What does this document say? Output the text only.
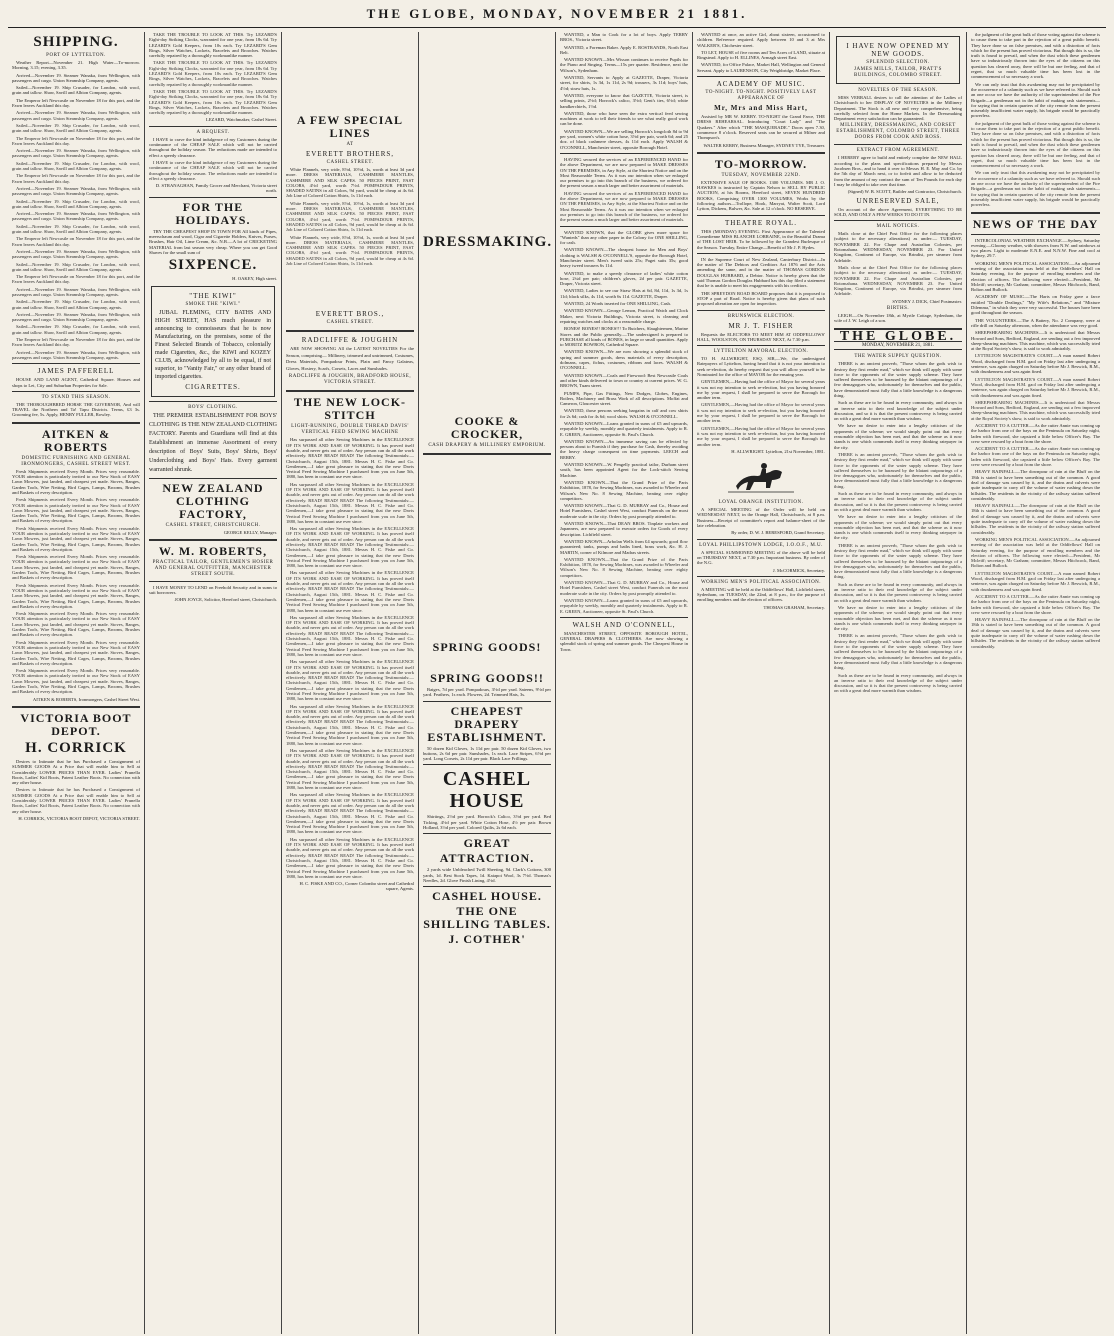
THE GLOBE, MONDAY, NOVEMBER 21 1881.
SHIPPING.
PORT OF LYTTELTON.

Weather Report—November 21. High Water—To-morrow. Morning, 3.15; evening, 3.35.

Arrived—November 19. Steamer Wanaka, from Wellington, with passengers and cargo. Union Steamship Company, agents.

Sailed—November 19. Ship Crusader, for London, with wool, grain and tallow. Shaw, Savill and Albion Company, agents.

The Emperor left Newcastle on November 18 for this port, and the Fawn leaves Auckland this day.

Arrived—November 19. Steamer Wanaka, from Wellington, with passengers and cargo. Union Steamship Company, agents.

Sailed—November 19. Ship Crusader, for London, with wool, grain and tallow. Shaw, Savill and Albion Company, agents.

The Emperor left Newcastle on November 18 for this port, and the Fawn leaves Auckland this day.

Arrived—November 19. Steamer Wanaka, from Wellington, with passengers and cargo. Union Steamship Company, agents.

Sailed—November 19. Ship Crusader, for London, with wool, grain and tallow. Shaw, Savill and Albion Company, agents.

The Emperor left Newcastle on November 18 for this port, and the Fawn leaves Auckland this day.

Arrived—November 19. Steamer Wanaka, from Wellington, with passengers and cargo. Union Steamship Company, agents.

Sailed—November 19. Ship Crusader, for London, with wool, grain and tallow. Shaw, Savill and Albion Company, agents.

Arrived—November 19. Steamer Wanaka, from Wellington, with passengers and cargo. Union Steamship Company, agents.

Sailed—November 19. Ship Crusader, for London, with wool, grain and tallow. Shaw, Savill and Albion Company, agents.

The Emperor left Newcastle on November 18 for this port, and the Fawn leaves Auckland this day.

Arrived—November 19. Steamer Wanaka, from Wellington, with passengers and cargo. Union Steamship Company, agents.

Sailed—November 19. Ship Crusader, for London, with wool, grain and tallow. Shaw, Savill and Albion Company, agents.

The Emperor left Newcastle on November 18 for this port, and the Fawn leaves Auckland this day.

Arrived—November 19. Steamer Wanaka, from Wellington, with passengers and cargo. Union Steamship Company, agents.

Sailed—November 19. Ship Crusader, for London, with wool, grain and tallow. Shaw, Savill and Albion Company, agents.

Arrived—November 19. Steamer Wanaka, from Wellington, with passengers and cargo. Union Steamship Company, agents.

Sailed—November 19. Ship Crusader, for London, with wool, grain and tallow. Shaw, Savill and Albion Company, agents.

The Emperor left Newcastle on November 18 for this port, and the Fawn leaves Auckland this day.

Arrived—November 19. Steamer Wanaka, from Wellington, with passengers and cargo. Union Steamship Company, agents.

JAMES PAFFERELL

HOUSE AND LAND AGENT, Cathedral Square. Houses and shops to Let, City and Suburban Properties for Sale.

TO STAND THIS SEASON.

THE THOROUGHBRED HORSE THE GOVERNOR, And will TRAVEL the Northern and Ta! Tapu Districts. Terms, £3 3s. Grooming fee, 5s. Apply, HENRY FULLER, Rowley.

AITKEN & ROBERTS
DOMESTIC FURNISHING AND GENERAL IRONMONGERS, CASHEL STREET WEST.

Fresh Shipments received Every Month. Prices very reasonable. YOUR attention is particularly invited to our New Stock of EASY Lawn Mowers, just landed, and cheapest yet made. Stoves, Ranges, Garden Tools, Wire Netting, Bird Cages, Lamps, Brooms, Brushes and Baskets of every description.

Fresh Shipments received Every Month. Prices very reasonable. YOUR attention is particularly invited to our New Stock of EASY Lawn Mowers, just landed, and cheapest yet made. Stoves, Ranges, Garden Tools, Wire Netting, Bird Cages, Lamps, Brooms, Brushes and Baskets of every description.

Fresh Shipments received Every Month. Prices very reasonable. YOUR attention is particularly invited to our New Stock of EASY Lawn Mowers, just landed, and cheapest yet made. Stoves, Ranges, Garden Tools, Wire Netting, Bird Cages, Lamps, Brooms, Brushes and Baskets of every description.

Fresh Shipments received Every Month. Prices very reasonable. YOUR attention is particularly invited to our New Stock of EASY Lawn Mowers, just landed, and cheapest yet made. Stoves, Ranges, Garden Tools, Wire Netting, Bird Cages, Lamps, Brooms, Brushes and Baskets of every description.

Fresh Shipments received Every Month. Prices very reasonable. YOUR attention is particularly invited to our New Stock of EASY Lawn Mowers, just landed, and cheapest yet made. Stoves, Ranges, Garden Tools, Wire Netting, Bird Cages, Lamps, Brooms, Brushes and Baskets of every description.

Fresh Shipments received Every Month. Prices very reasonable. YOUR attention is particularly invited to our New Stock of EASY Lawn Mowers, just landed, and cheapest yet made. Stoves, Ranges, Garden Tools, Wire Netting, Bird Cages, Lamps, Brooms, Brushes and Baskets of every description.

Fresh Shipments received Every Month. Prices very reasonable. YOUR attention is particularly invited to our New Stock of EASY Lawn Mowers, just landed, and cheapest yet made. Stoves, Ranges, Garden Tools, Wire Netting, Bird Cages, Lamps, Brooms, Brushes and Baskets of every description.

Fresh Shipments received Every Month. Prices very reasonable. YOUR attention is particularly invited to our New Stock of EASY Lawn Mowers, just landed, and cheapest yet made. Stoves, Ranges, Garden Tools, Wire Netting, Bird Cages, Lamps, Brooms, Brushes and Baskets of every description.

AITKEN & ROBERTS, Ironmongers, Cashel Street West.
VICTORIA BOOT DEPOT.
H. CORRICK

Desires to Intimate that he has Purchased a Consignment of SUMMER GOODS At a Price that will enable him to Sell at Considerably LOWER PRICES THAN EVER. Ladies' Prunella Boots, Ladies' Kid Boots, Patent Leather Boots. No connection with any other house.

Desires to Intimate that he has Purchased a Consignment of SUMMER GOODS At a Price that will enable him to Sell at Considerably LOWER PRICES THAN EVER. Ladies' Prunella Boots, Ladies' Kid Boots, Patent Leather Boots. No connection with any other house.

H. CORRICK, VICTORIA BOOT DEPOT, VICTORIA STREET.

TAKE THE TROUBLE TO LOOK AT THIS. Try LEZARD'S Eight-day Striking Clocks, warranted for one year, from 18s 6d. Try LEZARD'S Gold Keepers, from 10s each. Try LEZARD'S Gem Rings, Silver Watches, Lockets, Bracelets and Brooches. Watches carefully repaired by a thoroughly workmanlike manner.

TAKE THE TROUBLE TO LOOK AT THIS. Try LEZARD'S Eight-day Striking Clocks, warranted for one year, from 18s 6d. Try LEZARD'S Gold Keepers, from 10s each. Try LEZARD'S Gem Rings, Silver Watches, Lockets, Bracelets and Brooches. Watches carefully repaired by a thoroughly workmanlike manner.

TAKE THE TROUBLE TO LOOK AT THIS. Try LEZARD'S Eight-day Striking Clocks, warranted for one year, from 18s 6d. Try LEZARD'S Gold Keepers, from 10s each. Try LEZARD'S Gem Rings, Silver Watches, Lockets, Bracelets and Brooches. Watches carefully repaired by a thoroughly workmanlike manner.

LEZARD, Watchmaker, Cashel Street.
A REQUEST.

I HAVE to crave the kind indulgence of my Customers during the continuance of the CHEAP SALE which will not be carried throughout the holiday season. The reductions made are intended to effect a speedy clearance.

I HAVE to crave the kind indulgence of my Customers during the continuance of the CHEAP SALE which will not be carried throughout the holiday season. The reductions made are intended to effect a speedy clearance.

D. STRANAGHAN, Family Grocer and Merchant, Victoria street north.
FOR THE HOLIDAYS.

TRY THE CHEAPEST SHOP IN TOWN FOR All kinds of Pipes, meerschaum and wood, Cigar and Cigarette Holders, Knives, Purses, Brushes, Hair Oil, Lime Cream, &c. N.B.—A lot of CRICKETING MATERIAL from last season very cheap. Where you can get Good Shaves for the small sum of

SIXPENCE.
H. OAKEY, High street.
"THE KIWI"
SMOKE THE "KIWI."

JUBAL FLEMING, CITY BATHS AND HIGH STREET, HAS much pleasure in announcing to connoisseurs that he is now Manufacturing, on the premises, some of the Finest Selected Brands of Tobacco, colonially made Cigarettes, &c., the KIWI and KOZEY CLUB, acknowledged by all to be equal, if not superior, to "Vanity Fair," or any other brand of imported cigarettes.

CIGARETTES.
BOYS' CLOTHING.

THE PREMIER ESTABLISHMENT FOR BOYS' CLOTHING IS THE NEW ZEALAND CLOTHING FACTORY. Parents and Guardians will find at this Establishment an immense Assortment of every description of Boys' Suits, Boys' Shirts, Boys' Underclothing and Boys' Hats. Every garment warranted shrunk.

NEW ZEALAND CLOTHING FACTORY,
CASHEL STREET, CHRISTCHURCH.
GEORGE KELLY, Manager.
W. M. ROBERTS,
PRACTICAL TAILOR, GENTLEMEN'S HOSIER AND GENERAL OUTFITTER, MANCHESTER STREET SOUTH.

I HAVE MONEY TO LEND on Freehold Security and in sums to suit borrowers.

JOHN JOYCE, Solicitor, Hereford street, Christchurch.
A FEW SPECIAL LINES
AT
EVERETT BROTHERS,
CASHEL STREET.

White Flannels, very wide, 8½d, 10½d, 1s, worth at least 3d yard more. DRESS MATERIALS, CASHMERE MANTLES, CASHMERE AND SILK CAPES. 50 PIECES PRINT, FAST COLORS, 4½d yard, worth 7½d. POMPADOUR PRINTS, SHADED SATINS in all Colors, 9d yard, would be cheap at 4s 6d. Job Line of Colored Cotton Shirts, 1s 11d each.

White Flannels, very wide, 8½d, 10½d, 1s, worth at least 3d yard more. DRESS MATERIALS, CASHMERE MANTLES, CASHMERE AND SILK CAPES. 50 PIECES PRINT, FAST COLORS, 4½d yard, worth 7½d. POMPADOUR PRINTS, SHADED SATINS in all Colors, 9d yard, would be cheap at 4s 6d. Job Line of Colored Cotton Shirts, 1s 11d each.

White Flannels, very wide, 8½d, 10½d, 1s, worth at least 3d yard more. DRESS MATERIALS, CASHMERE MANTLES, CASHMERE AND SILK CAPES. 50 PIECES PRINT, FAST COLORS, 4½d yard, worth 7½d. POMPADOUR PRINTS, SHADED SATINS in all Colors, 9d yard, would be cheap at 4s 6d. Job Line of Colored Cotton Shirts, 1s 11d each.

EVERETT BROS.,
CASHEL STREET.
RADCLIFFE & JOUGHIN

ARE NOW SHOWING All the LATEST NOVELTIES For the Season, comprising— Millinery, trimmed and untrimmed, Costumes, Dress Materials, Pompadour Prints, Plain and Fancy Galateas, Gloves, Hosiery, Scarfs, Corsets, Laces and Sunshades.

RADCLIFFE & JOUGHIN, BRADFORD HOUSE, VICTORIA STREET.
THE NEW LOCK-STITCH
LIGHT-RUNNING, DOUBLE THREAD DAVIS' VERTICAL FEED SEWING MACHINE

Has surpassed all other Sewing Machines in the EXCELLENCE OF ITS WORK AND EASE OF WORKING. It has proved itself durable, and never gets out of order. Any person can do all the work effectively. READ! READ! READ! The following Testimonials:— Christchurch, August 15th, 1881. Messrs H. C. Fiske and Co. Gentlemen,—I take great pleasure in stating that the new Davis Vertical Feed Sewing Machine I purchased from you on June 5th, 1880, has been in constant use ever since.

Has surpassed all other Sewing Machines in the EXCELLENCE OF ITS WORK AND EASE OF WORKING. It has proved itself durable, and never gets out of order. Any person can do all the work effectively. READ! READ! READ! The following Testimonials:— Christchurch, August 15th, 1881. Messrs H. C. Fiske and Co. Gentlemen,—I take great pleasure in stating that the new Davis Vertical Feed Sewing Machine I purchased from you on June 5th, 1880, has been in constant use ever since.

Has surpassed all other Sewing Machines in the EXCELLENCE OF ITS WORK AND EASE OF WORKING. It has proved itself durable, and never gets out of order. Any person can do all the work effectively. READ! READ! READ! The following Testimonials:— Christchurch, August 15th, 1881. Messrs H. C. Fiske and Co. Gentlemen,—I take great pleasure in stating that the new Davis Vertical Feed Sewing Machine I purchased from you on June 5th, 1880, has been in constant use ever since.

Has surpassed all other Sewing Machines in the EXCELLENCE OF ITS WORK AND EASE OF WORKING. It has proved itself durable, and never gets out of order. Any person can do all the work effectively. READ! READ! READ! The following Testimonials:— Christchurch, August 15th, 1881. Messrs H. C. Fiske and Co. Gentlemen,—I take great pleasure in stating that the new Davis Vertical Feed Sewing Machine I purchased from you on June 5th, 1880, has been in constant use ever since.

Has surpassed all other Sewing Machines in the EXCELLENCE OF ITS WORK AND EASE OF WORKING. It has proved itself durable, and never gets out of order. Any person can do all the work effectively. READ! READ! READ! The following Testimonials:— Christchurch, August 15th, 1881. Messrs H. C. Fiske and Co. Gentlemen,—I take great pleasure in stating that the new Davis Vertical Feed Sewing Machine I purchased from you on June 5th, 1880, has been in constant use ever since.

Has surpassed all other Sewing Machines in the EXCELLENCE OF ITS WORK AND EASE OF WORKING. It has proved itself durable, and never gets out of order. Any person can do all the work effectively. READ! READ! READ! The following Testimonials:— Christchurch, August 15th, 1881. Messrs H. C. Fiske and Co. Gentlemen,—I take great pleasure in stating that the new Davis Vertical Feed Sewing Machine I purchased from you on June 5th, 1880, has been in constant use ever since.

Has surpassed all other Sewing Machines in the EXCELLENCE OF ITS WORK AND EASE OF WORKING. It has proved itself durable, and never gets out of order. Any person can do all the work effectively. READ! READ! READ! The following Testimonials:— Christchurch, August 15th, 1881. Messrs H. C. Fiske and Co. Gentlemen,—I take great pleasure in stating that the new Davis Vertical Feed Sewing Machine I purchased from you on June 5th, 1880, has been in constant use ever since.

Has surpassed all other Sewing Machines in the EXCELLENCE OF ITS WORK AND EASE OF WORKING. It has proved itself durable, and never gets out of order. Any person can do all the work effectively. READ! READ! READ! The following Testimonials:— Christchurch, August 15th, 1881. Messrs H. C. Fiske and Co. Gentlemen,—I take great pleasure in stating that the new Davis Vertical Feed Sewing Machine I purchased from you on June 5th, 1880, has been in constant use ever since.

Has surpassed all other Sewing Machines in the EXCELLENCE OF ITS WORK AND EASE OF WORKING. It has proved itself durable, and never gets out of order. Any person can do all the work effectively. READ! READ! READ! The following Testimonials:— Christchurch, August 15th, 1881. Messrs H. C. Fiske and Co. Gentlemen,—I take great pleasure in stating that the new Davis Vertical Feed Sewing Machine I purchased from you on June 5th, 1880, has been in constant use ever since.

Has surpassed all other Sewing Machines in the EXCELLENCE OF ITS WORK AND EASE OF WORKING. It has proved itself durable, and never gets out of order. Any person can do all the work effectively. READ! READ! READ! The following Testimonials:— Christchurch, August 15th, 1881. Messrs H. C. Fiske and Co. Gentlemen,—I take great pleasure in stating that the new Davis Vertical Feed Sewing Machine I purchased from you on June 5th, 1880, has been in constant use ever since.

H. C. FISKE AND CO., Corner Colombo street and Cathedral square, Agents.
DRESSMAKING.
COOKE & CROCKER,
CASH DRAPERY & MILLINERY EMPORIUM.
SPRING GOODS!
SPRING GOODS!!

Baiges, 7d per yard. Pompadours, 3½d per yard. Sateens, 9½d per yard. Feathers, 1s each. Flowers, 2d. Trimmed Hats, 3s.

CHEAPEST DRAPERY ESTABLISHMENT.

50 dozen Kid Gloves, 1s 11d per pair. 50 dozen Kid Gloves, two buttons, 2s 6d per pair. Sunshades, 1s each. Lace Stripes, 6½d per yard. Long Corsets, 2s 11d per pair. Black Lace Frillings.

CASHEL HOUSE

Shirtings, 2½d per yard. Horrock's Calico, 3½d per yard. Bed Ticking, 4½d per yard. White Cotton Hose, 4½ per pair. Brown Holland, 3½d per yard. Colored Quilts, 2s 6d each.

GREAT
ATTRACTION.

2 yards wide Unbleached Twill Sheeting, 9d. Clark's Cottons, 300 yards, 1d. Best Stock Tapes, 1d. Kaiapoi Wool, 3s 7½d. Thomas's Needles, 2d. Glove Finish Lining, 4½d.

CASHEL HOUSE.
THE ONE SHILLING TABLES.
J. COTHER'

WANTED, a Man to Cook for a lot of boys. Apply TERRY BROS., Victoria street.

WANTED, a Foreman Baker. Apply E. ROSTRANDS, North East Belt.

WANTED KNOWN—Mrs Wisson continues to receive Pupils for the Piano and Singing. Terms—15s per quarter. Residence, next the Wilson's, Sydenham.

WANTED, Servants to Apply at GAZETTE, Draper, Victoria street, for shirts, 1s 3d, 1s 11d, 2s 9d; trousers, 3s 11d; boys' hats, 4½d; straw hats, 1s.

WANTED, everyone to know that GAZETTE, Victoria street, is selling prints, 2½d; Horrock's calico, 3½d; Gent's ties, 6½d; white handkerchiefs, 1½d.

WANTED, those who have seen the extra vertical feed sewing machines at work to tell their friends to see what really good work can be done.

WANTED KNOWN—We are selling Horrock's longcloth 8d to 9d per yard, women's white cotton hose, 3½d per pair, worth 6d; and 25 doz. of black cashmere dresses, 4s 11d each. Apply WALSH & O'CONNELL, Manchester street, opposite Borough Hotel.

HAVING secured the services of an EXPERIENCED HAND for the above Department, we are now prepared to MAKE DRESSES ON THE PREMISES, in Any Style, at the Shortest Notice and on the Most Reasonable Terms. As it was our intention when we enlarged our premises to go into this branch of the business, we ordered for the present season a much larger and better assortment of materials.

HAVING secured the services of an EXPERIENCED HAND for the above Department, we are now prepared to MAKE DRESSES ON THE PREMISES, in Any Style, at the Shortest Notice and on the Most Reasonable Terms. As it was our intention when we enlarged our premises to go into this branch of the business, we ordered for the present season a much larger and better assortment of materials.

WANTED KNOWN, that the GLOBE gives more space for "Wanteds" than any other paper in the Colony for ONE SHILLING, for cash.

WANTED KNOWN—The cheapest house for Men and Boys' clothing is WALSH & O'CONNELL'S, opposite the Borough Hotel, Manchester street. Men's tweed suits 25s; Paget suits 35s; good heavy tweed trousers 6s 11d.

WANTED, to make a speedy clearance of ladies' white cotton hose, 2¼d per pair; children's gloves, 2d per pair. GAZETTE, Draper, Victoria street.

WANTED, Ladies to see our Straw Hats at 6d, 8d, 11d, 1s 3d, 1s 11d; black silks, 4s 11d, worth 6s 11d. GAZETTE, Draper.

WANTED, 24 Words inserted for ONE SHILLING, Cash.

WANTED KNOWN—George Lemon, Practical Watch and Clock Maker, next Victoria Buildings, Victoria street, is cleaning and repairing watches and clocks at a reasonable charge.

BONES! BONES!! BONES!!! To Butchers, Slaughtermen, Marine Stores and the Public generally.—The undersigned is prepared to PURCHASE all kinds of BONES, in large or small quantities. Apply to MORITZ BOWRON, Cathedral Square.

WANTED KNOWN—We are now showing a splendid stock of spring and summer goods, dress materials of every description, dolmans, capes, fichus, costumes, ribbons and laces. WALSH & O'CONNELL.

WANTED KNOWN—Coals and Firewood: Best Newcastle Coals and other kinds delivered to town or country at current prices. W. G. BROWN, Tuam street.

PUMPS, Pipe, Gas Fittings, New Dodges, Globes, Engines, Boilers, Machinery and Brass Work of all descriptions. Moffat and Cameron, Gloucester street.

WANTED, those persons seeking bargains in calf and cow shirts for 2s 6d; cash for 4s 6d; wool shirts. WALSH & O'CONNELL.

WANTED KNOWN—Loans granted in sums of £5 and upwards, repayable by weekly, monthly and quarterly instalments. Apply to R. E. GREEN, Auctioneer, opposite St. Paul's Church.

WANTED KNOWN—An immense saving can be effected by persons about to Furnish if they purchase for Cash, thereby avoiding the heavy charge consequent on time payments. LEECH and BERRY.

WANTED KNOWN—W. Pengelly practical tailor, Durham street south, has been appointed Agent for the Lock-stitch Sewing Machine.

WANTED KNOWN—That the Grand Prize of the Paris Exhibition, 1878, for Sewing Machines, was awarded to Wheeler and Wilson's New No. 8 Sewing Machine, beating over eighty competitors.

WANTED KNOWN—That G. D. MURRAY and Co., House and Hotel Furnishers, Cashel street West, conduct Funerals on the most moderate scale in the city. Orders by post promptly attended to.

WANTED KNOWN—That DEAN BROS. Tinplate workers and Japanners, are now prepared to execute orders for Goods of every description. Lichfield street.

WANTED KNOWN—Arbolan Wells from £4 upwards; good flow guaranteed; tanks, pumps and baths lined, brass work, &c. H. J. MARTIN, corner of Kilmore and Madras streets.

WANTED KNOWN—That the Grand Prize of the Paris Exhibition, 1878, for Sewing Machines, was awarded to Wheeler and Wilson's New No. 8 Sewing Machine, beating over eighty competitors.

WANTED KNOWN—That G. D. MURRAY and Co., House and Hotel Furnishers, Cashel street West, conduct Funerals on the most moderate scale in the city. Orders by post promptly attended to.

WANTED KNOWN—Loans granted in sums of £5 and upwards, repayable by weekly, monthly and quarterly instalments. Apply to R. E. GREEN, Auctioneer, opposite St. Paul's Church.

WALSH AND O'CONNELL,

MANCHESTER STREET, OPPOSITE BOROUGH HOTEL, GENERAL DRAPERS & CLOTHIERS. Are now showing a splendid stock of spring and summer goods. The Cheapest House in Town.

WANTED at once, an active Girl, about sixteen, accustomed to children. Reference required. Apply between 10 and 3 at Mrs WALKER'S, Chichester street.

TO LET, HOUSE of five rooms and Ten Acres of LAND, situate at Ringstead. Apply to H. ELLINES, Armagh street East.

WANTED, for Office Palace, Market Hall, Wellington and General Servant. Apply to LAURENSON, City Weighbridge, Market Place.

ACADEMY OF MUSIC.
TO-NIGHT. TO-NIGHT. POSITIVELY LAST APPEARANCE OF
Mr, Mrs and Miss Hart,

Assisted by MR W. KERBY. TO-NIGHT the Grand Farce, THE DRESS REHEARSAL. Introducing "Court Lady" and "The Quakers." After which "THE MASQUERADE." Doors open 7.30, commence 8 o'clock. Reserved seats can be secured at Milner and Thompson's.

WALTER KERBY, Business Manager, SYDNEY TYE, Treasurer.
TO-MORROW.
TUESDAY, NOVEMBER 22ND.

EXTENSIVE SALE OF BOOKS. 1300 VOLUMES. MR J. O. HAWKES is instructed by Captain Nelson to SELL BY PUBLIC AUCTION, at his Rooms, Hereford street, SEVEN HUNDRED BOOKS, Comprising OVER 1300 VOLUMES, Works by the following authors—Trollope, Hook, Marryat, Walter Scott, Lord Lytton, Dickens, Bulwer, &c. Sale at 12 o'clock. NO RESERVE.

THEATRE ROYAL.

THIS (MONDAY) EVENING. First Appearance of the Talented Comedienne MISS BLANCHE LORRAINE, in the Beautiful Drama of THE LOST HEIR. To be followed by the Grandest Burlesque of the Season. Tuesday, Entire Change—Benefit of Mr J. P. Hydes.

IN the Supreme Court of New Zealand, Canterbury District—In the matter of The Debtors and Creditors Act 1876 and the Acts amending the same, and in the matter of THOMAS GORDON DOUGLAS HUBBARD, a Debtor. Notice is hereby given that the said Thomas Gordon Douglas Hubbard has this day filed a statement that he is unable to meet his engagements with his creditors.

THE SPREYDON ROAD BOARD proposes that it is proposed to STOP a part of Road. Notice is hereby given that plans of such proposed alteration are open for inspection.

BRUNSWICK ELECTION.
MR J. T. FISHER

Requests the ELECTORS TO MEET HIM AT ODDFELLOWS' HALL, WOOLSTON, ON THURSDAY NEXT, At 7.30 p.m.

LYTTELTON MAYORAL ELECTION.

TO H. ALLWRIGHT, ESQ. SIR,—We, the undersigned Ratepayers of Lyttelton, having heard that it is not your intention to seek re-election, do hereby request that you will allow yourself to be Nominated for the office of MAYOR for the ensuing year.

GENTLEMEN,—Having had the office of Mayor for several years it was not my intention to seek re-election, but you having honored me by your request, I shall be prepared to serve the Borough for another term.

GENTLEMEN,—Having had the office of Mayor for several years it was not my intention to seek re-election, but you having honored me by your request, I shall be prepared to serve the Borough for another term.

GENTLEMEN,—Having had the office of Mayor for several years it was not my intention to seek re-election, but you having honored me by your request, I shall be prepared to serve the Borough for another term.

H. ALLWRIGHT. Lyttelton, 21st November, 1881.
LOYAL ORANGE INSTITUTION.

A SPECIAL MEETING of the Order will be held on WEDNESDAY NEXT, in the Orange Hall, Christchurch, at 8 p.m. Business—Receipt of committee's report and balance-sheet of the late celebration.

By order, D. W. J. BERESFORD, Grand Secretary.
LOYAL PHILLIPSTOWN LODGE, I.O.O.F., M.U.

A SPECIAL SUMMONED MEETING of the above will be held on THURSDAY NEXT, at 7.30 p.m. Important business. By order of the N.G.

J. McCORMICK, Secretary.
WORKING MEN'S POLITICAL ASSOCIATION.

A MEETING will be held at the Oddfellows' Hall, Lichfield street, Sydenham, on TUESDAY, the 22nd, at 8 p.m., for the purpose of enrolling members and the election of officers.

THOMAS GRAHAM, Secretary.
I HAVE NOW OPENED MY NEW GOODS.
SPLENDID SELECTION.
JAMES MILLS, TAILOR, PRATT'S BUILDINGS, COLOMBO STREET.
NOVELTIES OF THE SEASON.

MISS VERRALL desires to call the attention of the Ladies of Christchurch to her DISPLAY OF NOVELTIES in the Millinery Department. The Stock is all new and very comprehensive, being carefully selected from the Home Markets. In the Dressmaking Department every satisfaction can be guaranteed.

MILLINERY, DRESSMAKING, AND CORSET ESTABLISHMENT, COLOMBO STREET, THREE DOORS FROM COOK AND ROSS.
EXTRACT FROM AGREEMENT.

I HEREBY agree to build and entirely complete the NEW HALL according to the plans and specifications prepared by Messrs Jacobsen Bros., and to hand it over to Messrs H. E. May and Co. by the 5th day of March next, or to forfeit and allow to be deducted from the amount of my contract the sum of Ten Pounds for each day I may be obliged to take over that time.

(Signed) W. B. SCOTT, Builder and Contractor, Christchurch.
UNRESERVED SALE,

On account of the above Agreement, EVERYTHING TO BE SOLD, AND ONLY A FEW WEEKS TO DO IT IN.

MAIL NOTICES.

Mails close at the Chief Post Office for the following places (subject to the necessary alterations) as under:— TUESDAY, NOVEMBER 22. For Chape and Australian Colonies, per Rotomahana. WEDNESDAY, NOVEMBER 23. For United Kingdom, Continent of Europe, via Brindisi, per steamer from Adelaide.

Mails close at the Chief Post Office for the following places (subject to the necessary alterations) as under:— TUESDAY, NOVEMBER 22. For Chape and Australian Colonies, per Rotomahana. WEDNESDAY, NOVEMBER 23. For United Kingdom, Continent of Europe, via Brindisi, per steamer from Adelaide.

SYDNEY J. DICK, Chief Postmaster.
BIRTHS.

LEIGH.—On November 18th, at Myrtle Cottage, Sydenham, the wife of J. W. Leigh of a son.

THE GLOBE.
MONDAY, NOVEMBER 21, 1881.
THE WATER SUPPLY QUESTION.

THERE is an ancient proverb, "Those whom the gods wish to destroy they first render mad," which we think will apply with some force to the opponents of the water supply scheme. They have suffered themselves to be harassed by the blatant outpourings of a few demagogues who, unfortunately for themselves and the public, have demonstrated most fully that a little knowledge is a dangerous thing.

Such as these are to be found in every community, and always in an inverse ratio to their real knowledge of the subject under discussion, and so it is that the present controversy is being carried on with a great deal more warmth than wisdom.

We have no desire to enter into a lengthy criticism of the opponents of the scheme; we would simply point out that every reasonable objection has been met, and that the scheme as it now stands is one which commends itself to every thinking ratepayer in the city.

THERE is an ancient proverb, "Those whom the gods wish to destroy they first render mad," which we think will apply with some force to the opponents of the water supply scheme. They have suffered themselves to be harassed by the blatant outpourings of a few demagogues who, unfortunately for themselves and the public, have demonstrated most fully that a little knowledge is a dangerous thing.

Such as these are to be found in every community, and always in an inverse ratio to their real knowledge of the subject under discussion, and so it is that the present controversy is being carried on with a great deal more warmth than wisdom.

We have no desire to enter into a lengthy criticism of the opponents of the scheme; we would simply point out that every reasonable objection has been met, and that the scheme as it now stands is one which commends itself to every thinking ratepayer in the city.

THERE is an ancient proverb, "Those whom the gods wish to destroy they first render mad," which we think will apply with some force to the opponents of the water supply scheme. They have suffered themselves to be harassed by the blatant outpourings of a few demagogues who, unfortunately for themselves and the public, have demonstrated most fully that a little knowledge is a dangerous thing.

Such as these are to be found in every community, and always in an inverse ratio to their real knowledge of the subject under discussion, and so it is that the present controversy is being carried on with a great deal more warmth than wisdom.

We have no desire to enter into a lengthy criticism of the opponents of the scheme; we would simply point out that every reasonable objection has been met, and that the scheme as it now stands is one which commends itself to every thinking ratepayer in the city.

THERE is an ancient proverb, "Those whom the gods wish to destroy they first render mad," which we think will apply with some force to the opponents of the water supply scheme. They have suffered themselves to be harassed by the blatant outpourings of a few demagogues who, unfortunately for themselves and the public, have demonstrated most fully that a little knowledge is a dangerous thing.

Such as these are to be found in every community, and always in an inverse ratio to their real knowledge of the subject under discussion, and so it is that the present controversy is being carried on with a great deal more warmth than wisdom.

the judgment of the great bulk of those voting against the scheme is to cause them to take part in the rejection of a great public benefit. They have done so on false premises, and with a distortion of facts which for the present has proved victorious. But though this is so, the truth is found to prevail, and when the dust which these gentlemen have so industriously thrown into the eyes of the citizens on this question has cleared away, there will be but one feeling, and that of regret, that so much valuable time has been lost in the commencement of so necessary a work.

We can only trust that this awakening may not be precipitated by the occurrence of a calamity such as we have referred to. Should such an one occur we have the authority of the superintendent of the Fire Brigade—a gentleman not in the habit of making rash statements—for saying that in certain quarters of the city remote from the present miserably insufficient water supply, his brigade would be practically powerless.

the judgment of the great bulk of those voting against the scheme is to cause them to take part in the rejection of a great public benefit. They have done so on false premises, and with a distortion of facts which for the present has proved victorious. But though this is so, the truth is found to prevail, and when the dust which these gentlemen have so industriously thrown into the eyes of the citizens on this question has cleared away, there will be but one feeling, and that of regret, that so much valuable time has been lost in the commencement of so necessary a work.

We can only trust that this awakening may not be precipitated by the occurrence of a calamity such as we have referred to. Should such an one occur we have the authority of the superintendent of the Fire Brigade—a gentleman not in the habit of making rash statements—for saying that in certain quarters of the city remote from the present miserably insufficient water supply, his brigade would be practically powerless.

NEWS OF THE DAY

INTERCOLONIAL WEATHER EXCHANGE.—Sydney, Saturday evening.—Gloomy weather, with showers from N.W. and rainbows at two places. Light to moderate E.N.E. and N.N.W. Fine and cool at Sydney, 29.7.

WORKING MEN'S POLITICAL ASSOCIATION.—An adjourned meeting of the association was held at the Oddfellows' Hall on Saturday evening, for the purpose of enrolling members and the election of officers. The following were elected:—President, Mr Mcleiff; secretary, Mr Graham; committee, Messrs Hitchcock, Band, Bolton and Bullock.

ACADEMY OF MUSIC.—The Harts on Friday gave a farce entitled "Double Dealings," "My Wife's Relations," and "Mixture Dilemma," in which they were very successful. The houses have been good throughout the season.

THE VOLUNTEERS.—The A Battery, No. 2 Company, were at rifle drill on Saturday afternoon, when the attendance was very good.

SHEEPSHEARING MACHINES.—It is understood that Messrs Howard and Sons, Bedford, England, are sending out a few improved sheep-shearing machines. This machine, which was successfully tried at the Royal Society's show, is said to work admirably.

LYTTELTON MAGISTRATE'S COURT.—A man named Robert Wood, discharged from H.M. gaol on Friday last after undergoing a sentence, was again charged on Saturday before Mr J. Beswick, R.M., with drunkenness and was again fined.

LYTTELTON MAGISTRATE'S COURT.—A man named Robert Wood, discharged from H.M. gaol on Friday last after undergoing a sentence, was again charged on Saturday before Mr J. Beswick, R.M., with drunkenness and was again fined.

SHEEPSHEARING MACHINES.—It is understood that Messrs Howard and Sons, Bedford, England, are sending out a few improved sheep-shearing machines. This machine, which was successfully tried at the Royal Society's show, is said to work admirably.

ACCIDENT TO A CUTTER.—As the cutter Annie was coming up the harbor from one of the bays on the Peninsula on Saturday night, laden with firewood, she capsized a little below Officer's Bay. The crew were rescued by a boat from the shore.

ACCIDENT TO A CUTTER.—As the cutter Annie was coming up the harbor from one of the bays on the Peninsula on Saturday night, laden with firewood, she capsized a little below Officer's Bay. The crew were rescued by a boat from the shore.

HEAVY RAINFALL.—The downpour of rain at the Bluff on the 18th is stated to have been something out of the common. A good deal of damage was caused by it, and the drains and culverts were quite inadequate to carry off the volume of water rushing down the hillsides. The residents in the vicinity of the railway station suffered considerably.

HEAVY RAINFALL.—The downpour of rain at the Bluff on the 18th is stated to have been something out of the common. A good deal of damage was caused by it, and the drains and culverts were quite inadequate to carry off the volume of water rushing down the hillsides. The residents in the vicinity of the railway station suffered considerably.

WORKING MEN'S POLITICAL ASSOCIATION.—An adjourned meeting of the association was held at the Oddfellows' Hall on Saturday evening, for the purpose of enrolling members and the election of officers. The following were elected:—President, Mr Mcleiff; secretary, Mr Graham; committee, Messrs Hitchcock, Band, Bolton and Bullock.

LYTTELTON MAGISTRATE'S COURT.—A man named Robert Wood, discharged from H.M. gaol on Friday last after undergoing a sentence, was again charged on Saturday before Mr J. Beswick, R.M., with drunkenness and was again fined.

ACCIDENT TO A CUTTER.—As the cutter Annie was coming up the harbor from one of the bays on the Peninsula on Saturday night, laden with firewood, she capsized a little below Officer's Bay. The crew were rescued by a boat from the shore.

HEAVY RAINFALL.—The downpour of rain at the Bluff on the 18th is stated to have been something out of the common. A good deal of damage was caused by it, and the drains and culverts were quite inadequate to carry off the volume of water rushing down the hillsides. The residents in the vicinity of the railway station suffered considerably.
